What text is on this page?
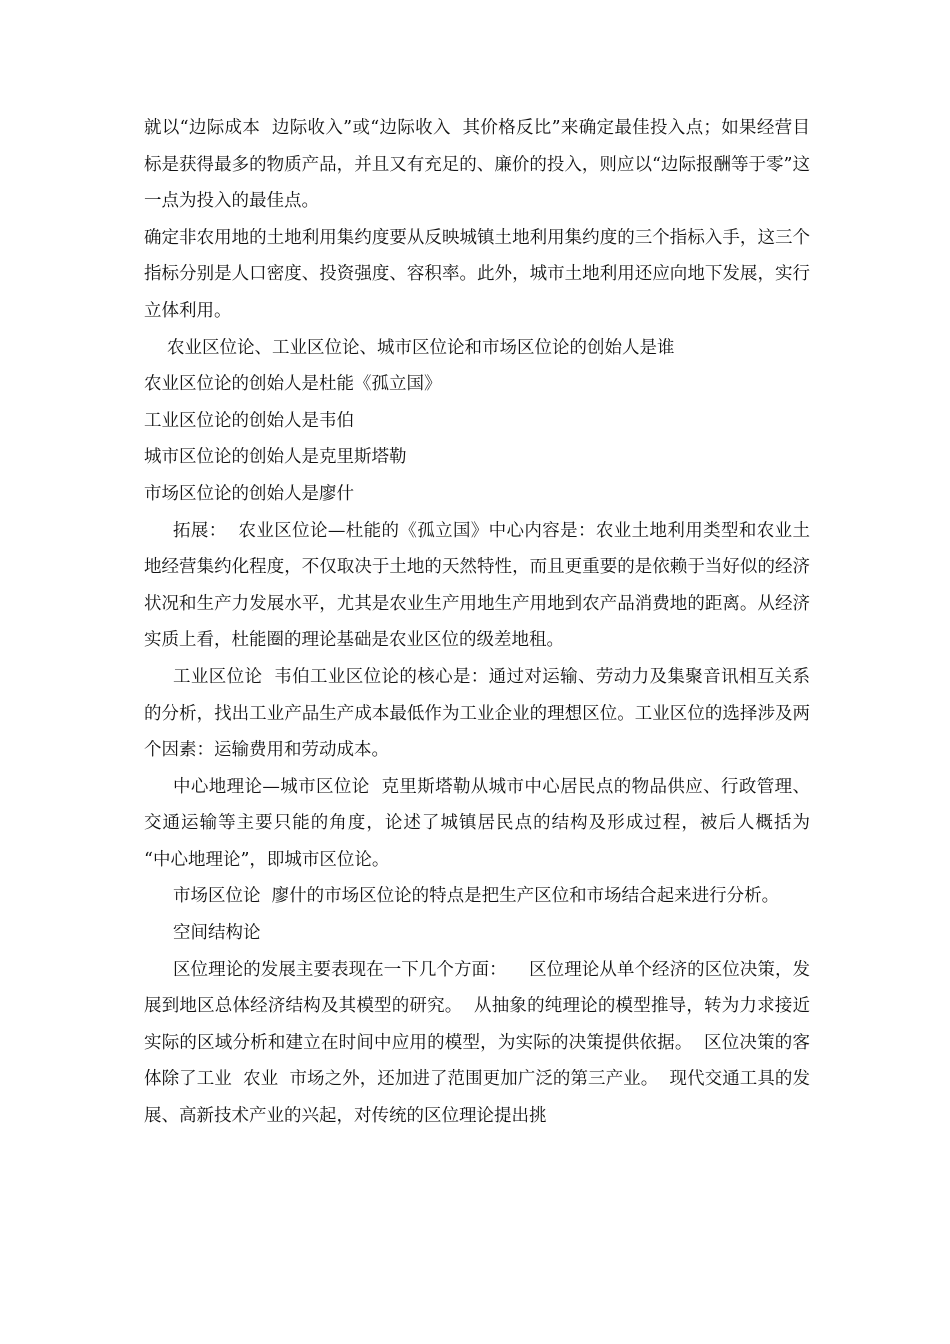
就以“边际成本  边际收入”或“边际收入  其价格反比”来确定最佳投入点；如果经营目标是获得最多的物质产品，并且又有充足的、廉价的投入，则应以“边际报酬等于零”这一点为投入的最佳点。

确定非农用地的土地利用集约度要从反映城镇土地利用集约度的三个指标入手，这三个指标分别是人口密度、投资强度、容积率。此外，城市土地利用还应向地下发展，实行立体利用。

农业区位论、工业区位论、城市区位论和市场区位论的创始人是谁

农业区位论的创始人是杜能《孤立国》

工业区位论的创始人是韦伯

城市区位论的创始人是克里斯塔勒

市场区位论的创始人是廖什

拓展：  农业区位论—杜能的《孤立国》中心内容是：农业土地利用类型和农业土地经营集约化程度，不仅取决于土地的天然特性，而且更重要的是依赖于当好似的经济状况和生产力发展水平，尤其是农业生产用地生产用地到农产品消费地的距离。从经济实质上看，杜能圈的理论基础是农业区位的级差地租。

工业区位论  韦伯工业区位论的核心是：通过对运输、劳动力及集聚音讯相互关系的分析，找出工业产品生产成本最低作为工业企业的理想区位。工业区位的选择涉及两个因素：运输费用和劳动成本。

中心地理论—城市区位论  克里斯塔勒从城市中心居民点的物品供应、行政管理、交通运输等主要只能的角度，论述了城镇居民点的结构及形成过程，被后人概括为  “中心地理论”，即城市区位论。

市场区位论  廖什的市场区位论的特点是把生产区位和市场结合起来进行分析。

空间结构论

区位理论的发展主要表现在一下几个方面：    区位理论从单个经济的区位决策，发展到地区总体经济结构及其模型的研究。  从抽象的纯理论的模型推导，转为力求接近实际的区域分析和建立在时间中应用的模型，为实际的决策提供依据。  区位决策的客体除了工业  农业  市场之外，还加进了范围更加广泛的第三产业。  现代交通工具的发展、高新技术产业的兴起，对传统的区位理论提出挑
